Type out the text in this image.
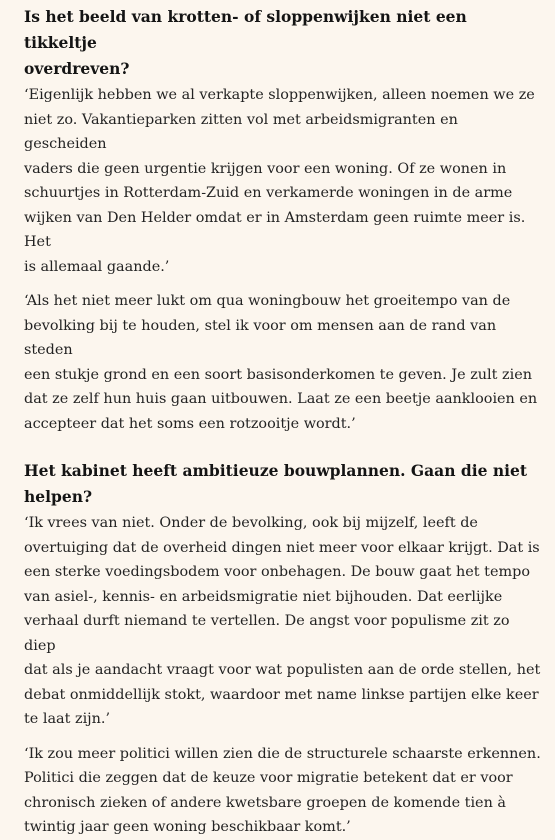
Is het beeld van krotten- of sloppenwijken niet een tikkeltje
overdreven?

‘Eigenlijk hebben we al verkapte sloppenwijken, alleen noemen we ze
niet zo. Vakantieparken zitten vol met arbeidsmigranten en gescheiden
vaders die geen urgentie krijgen voor een woning. Of ze wonen in
schuurtjes in Rotterdam-Zuid en verkamerde woningen in de arme
wijken van Den Helder omdat er in Amsterdam geen ruimte meer is. Het
is allemaal gaande.’

‘Als het niet meer lukt om qua woningbouw het groeitempo van de
bevolking bij te houden, stel ik voor om mensen aan de rand van steden
een stukje grond en een soort basisonderkomen te geven. Je zult zien
dat ze zelf hun huis gaan uitbouwen. Laat ze een beetje aanklooien en
accepteer dat het soms een rotzooitje wordt.’

Het kabinet heeft ambitieuze bouwplannen. Gaan die niet helpen?

‘Ik vrees van niet. Onder de bevolking, ook bij mijzelf, leeft de
overtuiging dat de overheid dingen niet meer voor elkaar krijgt. Dat is
een sterke voedingsbodem voor onbehagen. De bouw gaat het tempo
van asiel-, kennis- en arbeidsmigratie niet bijhouden. Dat eerlijke
verhaal durft niemand te vertellen. De angst voor populisme zit zo diep
dat als je aandacht vraagt voor wat populisten aan de orde stellen, het
debat onmiddellijk stokt, waardoor met name linkse partijen elke keer
te laat zijn.’

‘Ik zou meer politici willen zien die de structurele schaarste erkennen.
Politici die zeggen dat de keuze voor migratie betekent dat er voor
chronisch zieken of andere kwetsbare groepen de komende tien à
twintig jaar geen woning beschikbaar komt.’
